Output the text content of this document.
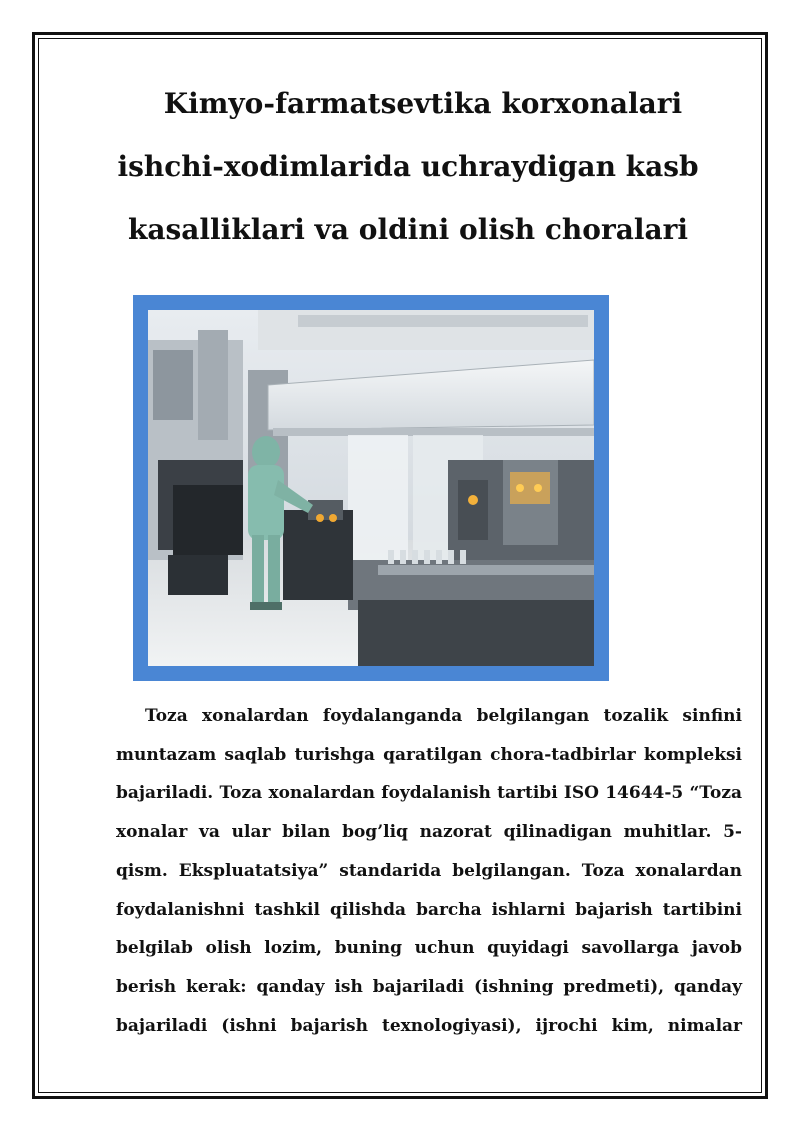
Kimyo-farmatsevtika korxonalari
ishchi-xodimlarida uchraydigan kasb
kasalliklari va oldini olish choralari
Toza xonalardan foydalanganda belgilangan tozalik sinfini
muntazam saqlab turishga qaratilgan chora-tadbirlar kompleksi
bajariladi. Toza xonalardan foydalanish tartibi ISO 14644-5 “Toza
xonalar va ular bilan bog’liq nazorat qilinadigan muhitlar. 5-
qism. Ekspluatatsiya” standarida belgilangan. Toza xonalardan
foydalanishni tashkil qilishda barcha ishlarni bajarish tartibini
belgilab olish lozim, buning uchun quyidagi savollarga javob
berish kerak: qanday ish bajariladi (ishning predmeti), qanday
bajariladi (ishni bajarish texnologiyasi), ijrochi kim, nimalar
